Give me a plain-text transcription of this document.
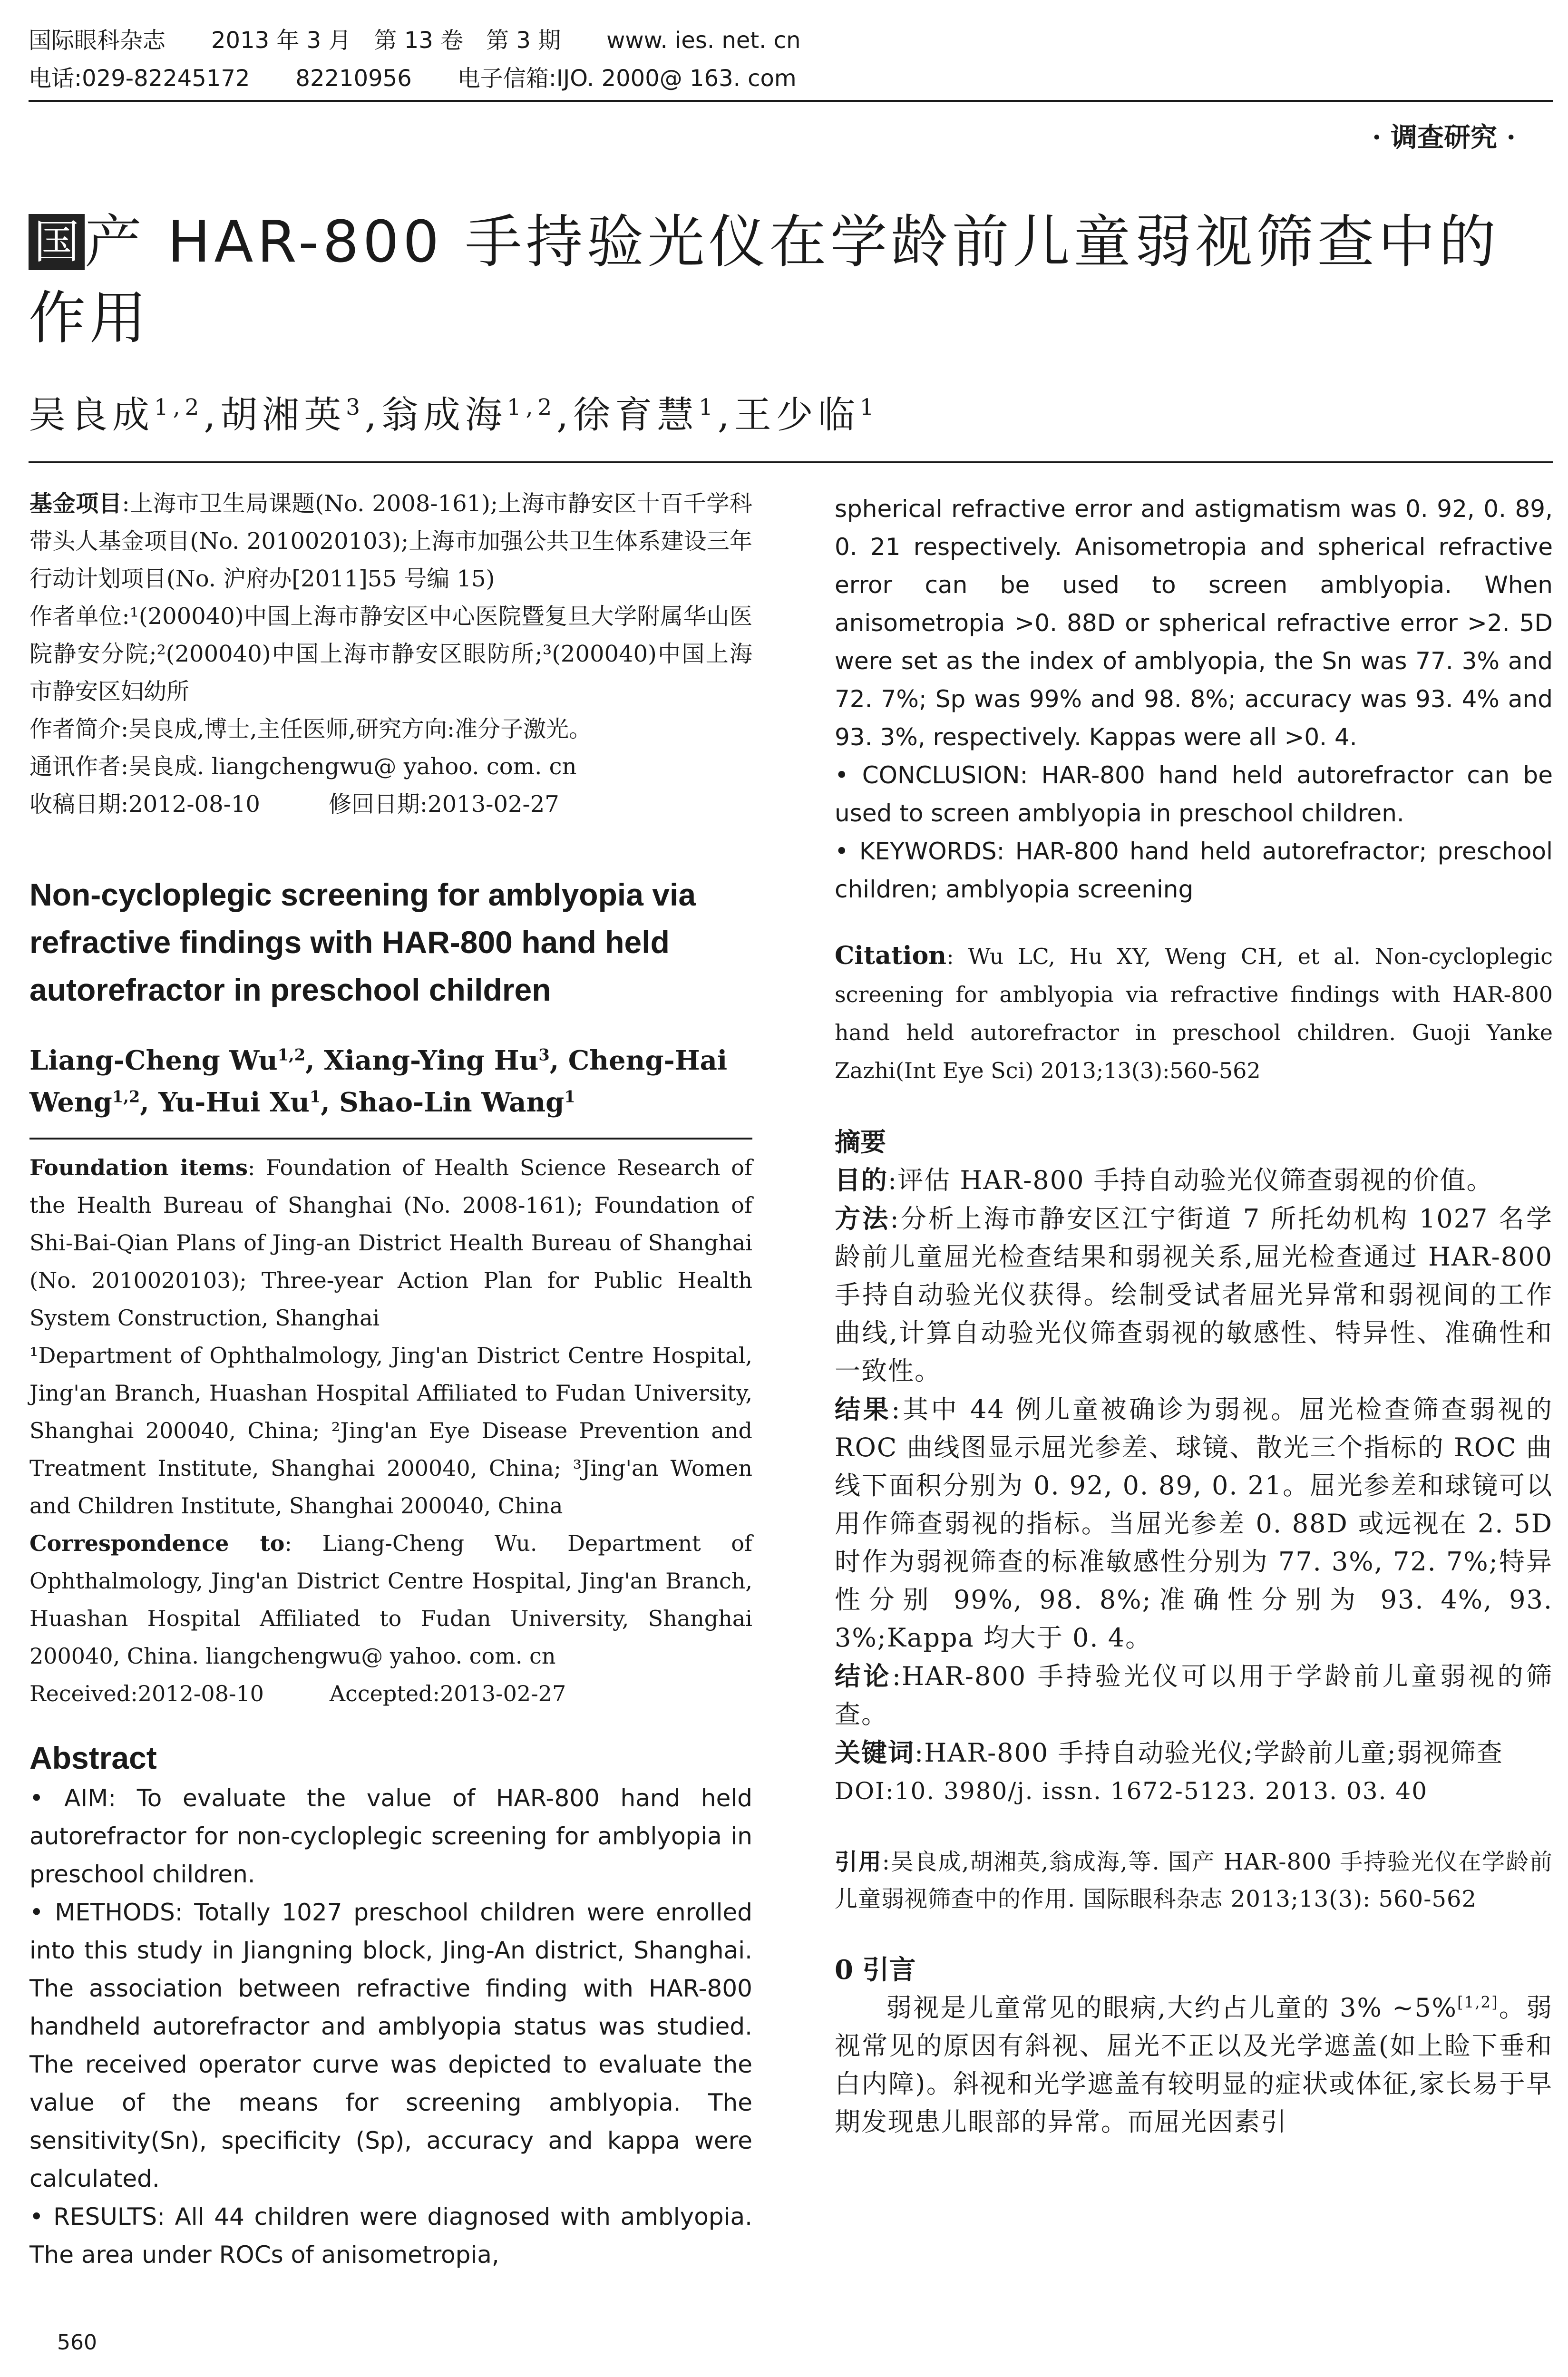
国际眼科杂志　　2013 年 3 月　第 13 卷　第 3 期　　www. ies. net. cn
电话:029-82245172　　82210956　　电子信箱:IJO. 2000@ 163. com
· 调查研究 ·
国产 HAR-800 手持验光仪在学龄前儿童弱视筛查中的
作用
吴良成$^{1,2}$,胡湘英$^3$,翁成海$^{1,2}$,徐育慧$^1$,王少临$^1$

基金项目:上海市卫生局课题(No. 2008-161);上海市静安区十百千学科带头人基金项目(No. 2010020103);上海市加强公共卫生体系建设三年行动计划项目(No. 沪府办[2011]55 号编 15)

作者单位:¹(200040)中国上海市静安区中心医院暨复旦大学附属华山医院静安分院;²(200040)中国上海市静安区眼防所;³(200040)中国上海市静安区妇幼所

作者简介:吴良成,博士,主任医师,研究方向:准分子激光。

通讯作者:吴良成. liangchengwu@ yahoo. com. cn

收稿日期:2012-08-10　　　修回日期:2013-02-27

Non-cycloplegic screening for amblyopia via refractive findings with HAR-800 hand held autorefractor in preschool children
Liang-Cheng Wu$^{1,2}$, Xiang-Ying Hu$^3$, Cheng-Hai Weng$^{1,2}$, Yu-Hui Xu$^1$, Shao-Lin Wang$^1$

Foundation items: Foundation of Health Science Research of the Health Bureau of Shanghai (No. 2008-161); Foundation of Shi-Bai-Qian Plans of Jing-an District Health Bureau of Shanghai (No. 2010020103); Three-year Action Plan for Public Health System Construction, Shanghai

¹Department of Ophthalmology, Jing'an District Centre Hospital, Jing'an Branch, Huashan Hospital Affiliated to Fudan University, Shanghai 200040, China; ²Jing'an Eye Disease Prevention and Treatment Institute, Shanghai 200040, China; ³Jing'an Women and Children Institute, Shanghai 200040, China

Correspondence to: Liang-Cheng Wu. Department of Ophthalmology, Jing'an District Centre Hospital, Jing'an Branch, Huashan Hospital Affiliated to Fudan University, Shanghai 200040, China. liangchengwu@ yahoo. com. cn

Received:2012-08-10　　　Accepted:2013-02-27

Abstract

• AIM: To evaluate the value of HAR-800 hand held autorefractor for non-cycloplegic screening for amblyopia in preschool children.

• METHODS: Totally 1027 preschool children were enrolled into this study in Jiangning block, Jing-An district, Shanghai. The association between refractive finding with HAR-800 handheld autorefractor and amblyopia status was studied. The received operator curve was depicted to evaluate the value of the means for screening amblyopia. The sensitivity(Sn), specificity (Sp), accuracy and kappa were calculated.

• RESULTS: All 44 children were diagnosed with amblyopia. The area under ROCs of anisometropia,

560

spherical refractive error and astigmatism was 0. 92, 0. 89, 0. 21 respectively. Anisometropia and spherical refractive error can be used to screen amblyopia. When anisometropia >0. 88D or spherical refractive error >2. 5D were set as the index of amblyopia, the Sn was 77. 3% and 72. 7%; Sp was 99% and 98. 8%; accuracy was 93. 4% and 93. 3%, respectively. Kappas were all >0. 4.

• CONCLUSION: HAR-800 hand held autorefractor can be used to screen amblyopia in preschool children.

• KEYWORDS: HAR-800 hand held autorefractor; preschool children; amblyopia screening

Citation: Wu LC, Hu XY, Weng CH, et al. Non-cycloplegic screening for amblyopia via refractive findings with HAR-800 hand held autorefractor in preschool children. Guoji Yanke Zazhi(Int Eye Sci) 2013;13(3):560-562
摘要

目的:评估 HAR-800 手持自动验光仪筛查弱视的价值。

方法:分析上海市静安区江宁街道 7 所托幼机构 1027 名学龄前儿童屈光检查结果和弱视关系,屈光检查通过 HAR-800 手持自动验光仪获得。绘制受试者屈光异常和弱视间的工作曲线,计算自动验光仪筛查弱视的敏感性、特异性、准确性和一致性。

结果:其中 44 例儿童被确诊为弱视。屈光检查筛查弱视的 ROC 曲线图显示屈光参差、球镜、散光三个指标的 ROC 曲线下面积分别为 0. 92, 0. 89, 0. 21。屈光参差和球镜可以用作筛查弱视的指标。当屈光参差 0. 88D 或远视在 2. 5D 时作为弱视筛查的标准敏感性分别为 77. 3%, 72. 7%;特异性分别 99%, 98. 8%;准确性分别为 93. 4%, 93. 3%;Kappa 均大于 0. 4。

结论:HAR-800 手持验光仪可以用于学龄前儿童弱视的筛查。

关键词:HAR-800 手持自动验光仪;学龄前儿童;弱视筛查

DOI:10. 3980/j. issn. 1672-5123. 2013. 03. 40

引用:吴良成,胡湘英,翁成海,等. 国产 HAR-800 手持验光仪在学龄前儿童弱视筛查中的作用. 国际眼科杂志 2013;13(3): 560-562
0 引言
弱视是儿童常见的眼病,大约占儿童的 3% ~5%[1,2]。弱视常见的原因有斜视、屈光不正以及光学遮盖(如上睑下垂和白内障)。斜视和光学遮盖有较明显的症状或体征,家长易于早期发现患儿眼部的异常。而屈光因素引
